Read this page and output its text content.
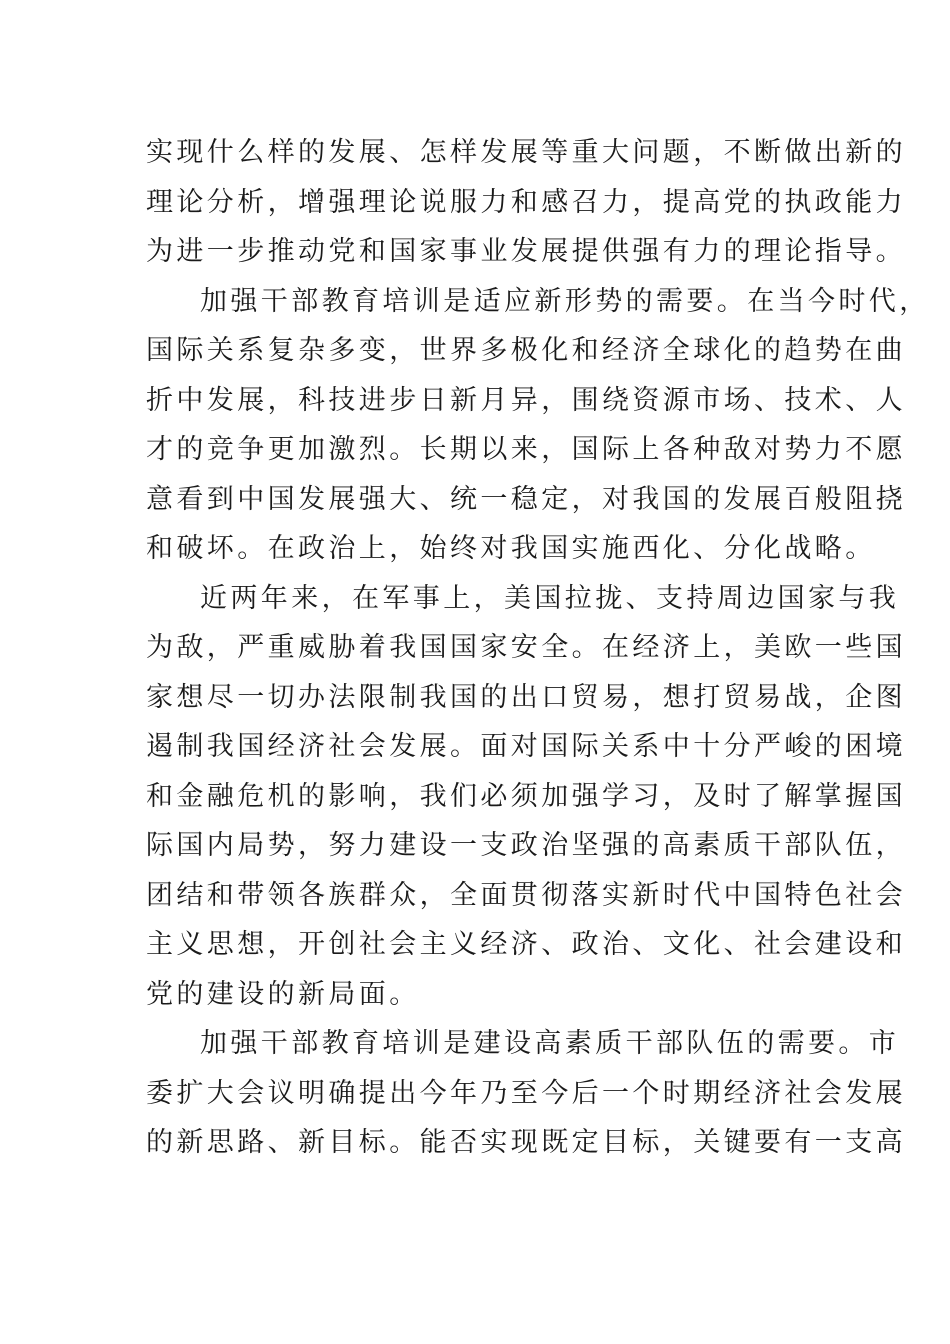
实现什么样的发展、怎样发展等重大问题，不断做出新的
理论分析，增强理论说服力和感召力，提高党的执政能力
为进一步推动党和国家事业发展提供强有力的理论指导。
加强干部教育培训是适应新形势的需要。在当今时代，
国际关系复杂多变，世界多极化和经济全球化的趋势在曲
折中发展，科技进步日新月异，围绕资源市场、技术、人
才的竞争更加激烈。长期以来，国际上各种敌对势力不愿
意看到中国发展强大、统一稳定，对我国的发展百般阻挠
和破坏。在政治上，始终对我国实施西化、分化战略。
近两年来，在军事上，美国拉拢、支持周边国家与我
为敌，严重威胁着我国国家安全。在经济上，美欧一些国
家想尽一切办法限制我国的出口贸易，想打贸易战，企图
遏制我国经济社会发展。面对国际关系中十分严峻的困境
和金融危机的影响，我们必须加强学习，及时了解掌握国
际国内局势，努力建设一支政治坚强的高素质干部队伍，
团结和带领各族群众，全面贯彻落实新时代中国特色社会
主义思想，开创社会主义经济、政治、文化、社会建设和
党的建设的新局面。
加强干部教育培训是建设高素质干部队伍的需要。市
委扩大会议明确提出今年乃至今后一个时期经济社会发展
的新思路、新目标。能否实现既定目标，关键要有一支高
